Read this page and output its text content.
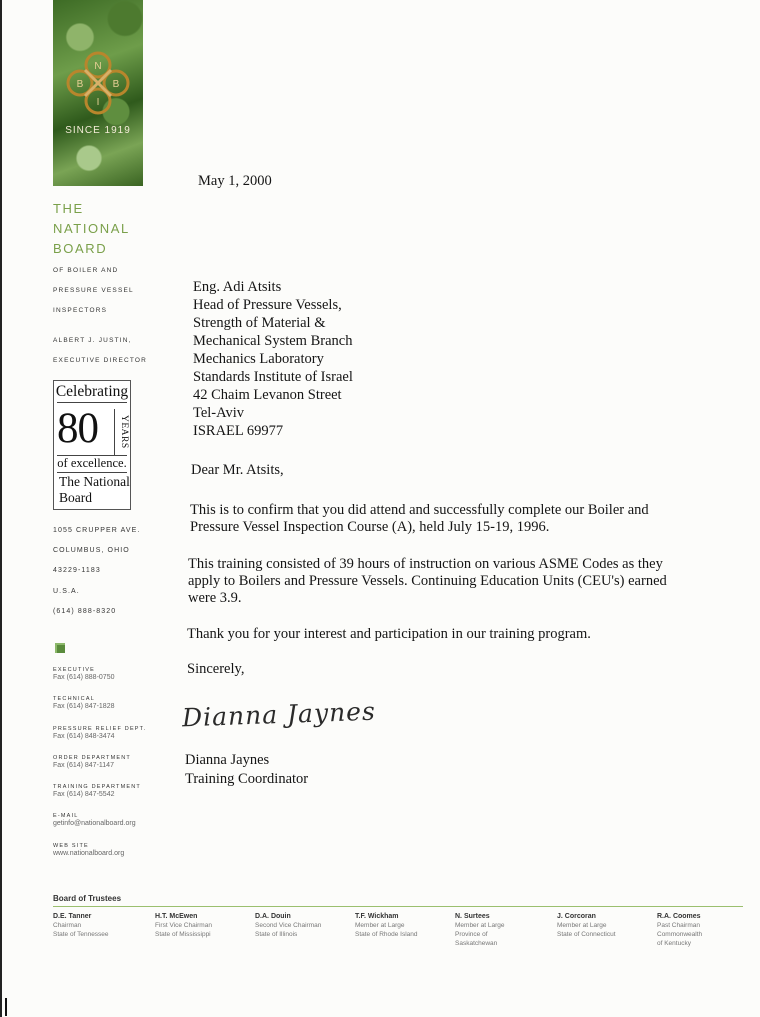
N
B	B
I
SINCE 1919
THE
NATIONAL
BOARD
OF BOILER AND
PRESSURE VESSEL
INSPECTORS
ALBERT J. JUSTIN,
EXECUTIVE DIRECTOR
Celebrating
80	YEARS
of excellence.
The National
Board
1055 CRUPPER AVE.
COLUMBUS, OHIO
43229-1183
U.S.A.
(614) 888-8320
EXECUTIVE
Fax (614) 888-0750
TECHNICAL
Fax (614) 847-1828
PRESSURE RELIEF DEPT.
Fax (614) 848-3474
ORDER DEPARTMENT
Fax (614) 847-1147
TRAINING DEPARTMENT
Fax (614) 847-5542
E-MAIL
getinfo@nationalboard.org
WEB SITE
www.nationalboard.org
May 1, 2000
Eng. Adi Atsits
Head of Pressure Vessels,
Strength of Material &
Mechanical System Branch
Mechanics Laboratory
Standards Institute of Israel
42 Chaim Levanon Street
Tel-Aviv
ISRAEL 69977
Dear Mr. Atsits,
This is to confirm that you did attend and successfully complete our Boiler and
Pressure Vessel Inspection Course (A), held July 15-19, 1996.
This training consisted of 39 hours of instruction on various ASME Codes as they
apply to Boilers and Pressure Vessels. Continuing Education Units (CEU's) earned
were 3.9.
Thank you for your interest and participation in our training program.
Sincerely,
Dianna Jaynes
Dianna Jaynes
Training Coordinator
Board of Trustees
D.E. Tanner
Chairman
State of Tennessee
H.T. McEwen
First Vice Chairman
State of Mississippi
D.A. Douin
Second Vice Chairman
State of Illinois
T.F. Wickham
Member at Large
State of Rhode Island
N. Surtees
Member at Large
Province of
Saskatchewan
J. Corcoran
Member at Large
State of Connecticut
R.A. Coomes
Past Chairman
Commonwealth
of Kentucky
